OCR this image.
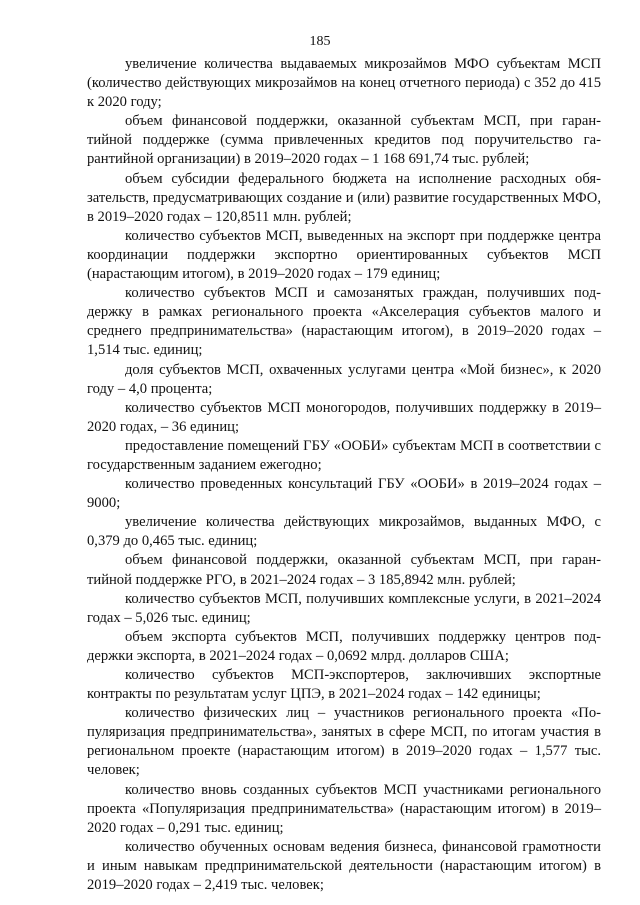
185

увеличение количества выдаваемых микрозаймов МФО субъектам МСП (количество действующих микрозаймов на конец отчетного периода) с 352 до 415 к 2020 году;

объем финансовой поддержки, оказанной субъектам МСП, при гарантийной поддержке (сумма привлеченных кредитов под поручительство гарантийной организации) в 2019–2020 годах – 1 168 691,74 тыс. рублей;

объем субсидии федерального бюджета на исполнение расходных обязательств, предусматривающих создание и (или) развитие государственных МФО, в 2019–2020 годах – 120,8511 млн. рублей;

количество субъектов МСП, выведенных на экспорт при поддержке центра координации поддержки экспортно ориентированных субъектов МСП (нарастающим итогом), в 2019–2020 годах – 179 единиц;

количество субъектов МСП и самозанятых граждан, получивших поддержку в рамках регионального проекта «Акселерация субъектов малого и среднего предпринимательства» (нарастающим итогом), в 2019–2020 годах – 1,514 тыс. единиц;

доля субъектов МСП, охваченных услугами центра «Мой бизнес», к 2020 году – 4,0 процента;

количество субъектов МСП моногородов, получивших поддержку в 2019–2020 годах, – 36 единиц;

предоставление помещений ГБУ «ООБИ» субъектам МСП в соответствии с государственным заданием ежегодно;

количество проведенных консультаций ГБУ «ООБИ» в 2019–2024 годах – 9000;

увеличение количества действующих микрозаймов, выданных МФО, с 0,379 до 0,465 тыс. единиц;

объем финансовой поддержки, оказанной субъектам МСП, при гарантийной поддержке РГО, в 2021–2024 годах – 3 185,8942 млн. рублей;

количество субъектов МСП, получивших комплексные услуги, в 2021–2024 годах – 5,026 тыс. единиц;

объем экспорта субъектов МСП, получивших поддержку центров поддержки экспорта, в 2021–2024 годах – 0,0692 млрд. долларов США;

количество субъектов МСП-экспортеров, заключивших экспортные контракты по результатам услуг ЦПЭ, в 2021–2024 годах – 142 единицы;

количество физических лиц – участников регионального проекта «Популяризация предпринимательства», занятых в сфере МСП, по итогам участия в региональном проекте (нарастающим итогом) в 2019–2020 годах – 1,577 тыс. человек;

количество вновь созданных субъектов МСП участниками регионального проекта «Популяризация предпринимательства» (нарастающим итогом) в 2019–2020 годах – 0,291 тыс. единиц;

количество обученных основам ведения бизнеса, финансовой грамотности и иным навыкам предпринимательской деятельности (нарастающим итогом) в 2019–2020 годах – 2,419 тыс. человек;
